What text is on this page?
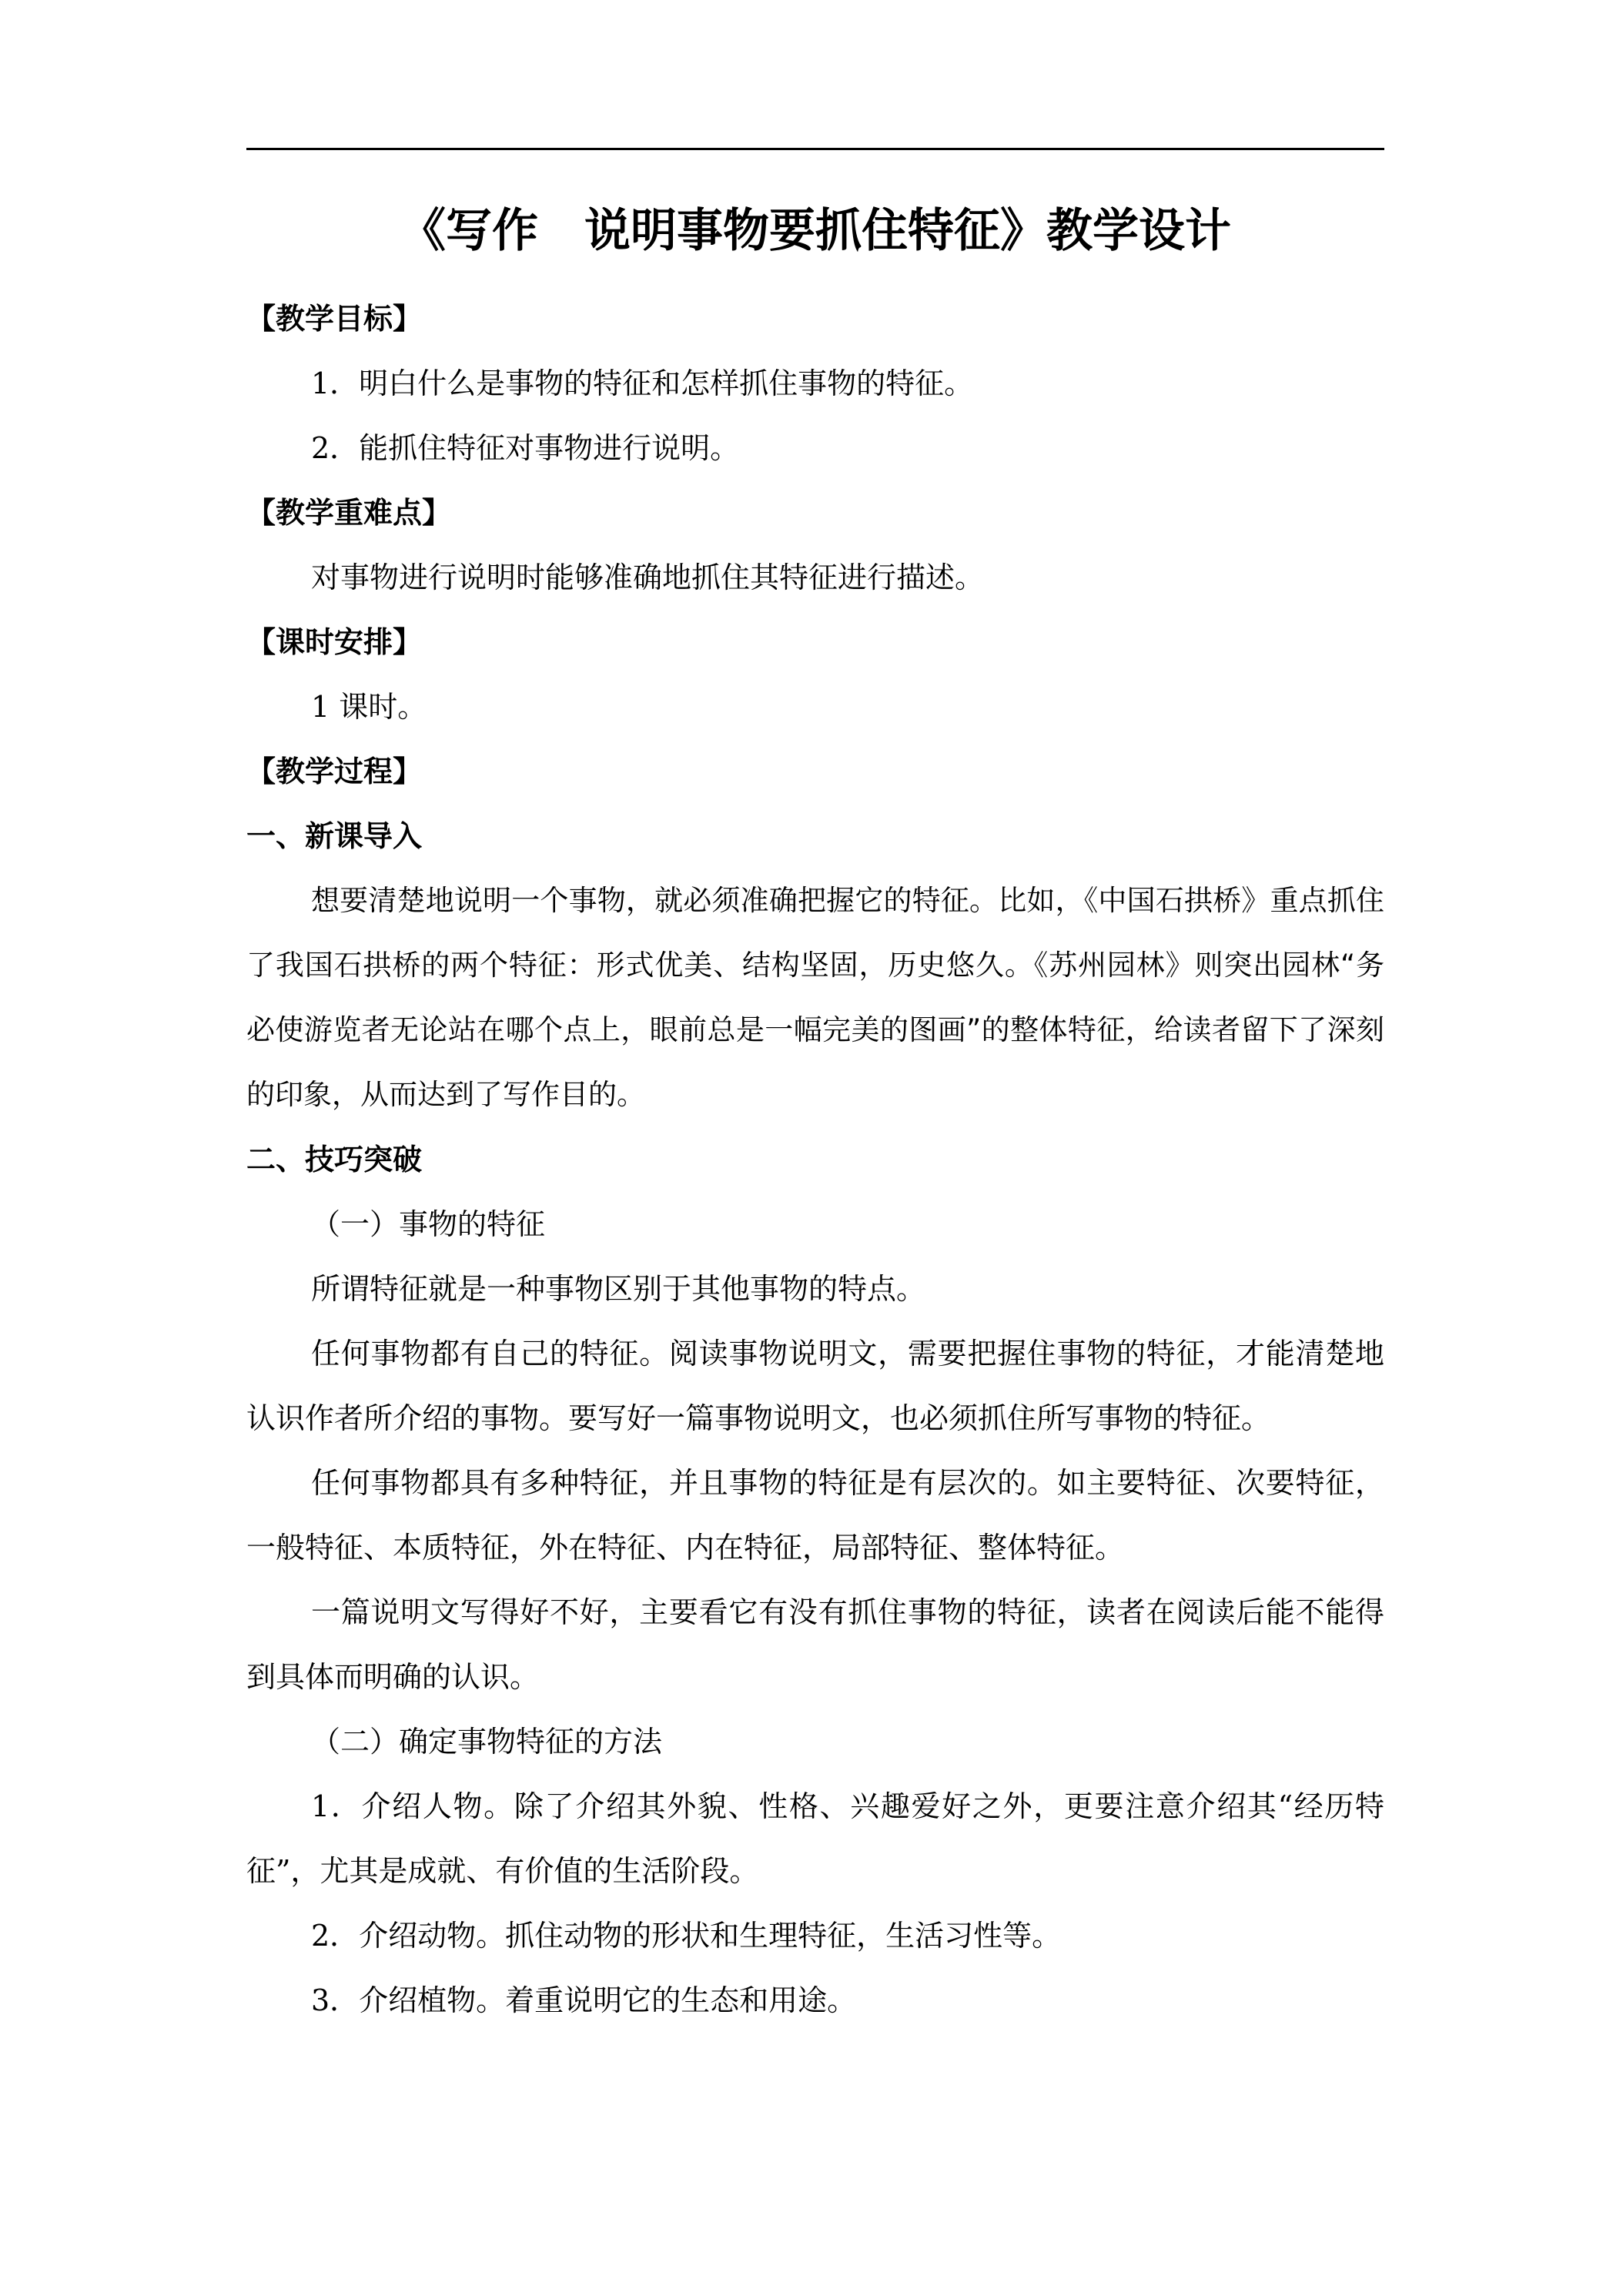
《写作　说明事物要抓住特征》教学设计
【教学目标】
1．明白什么是事物的特征和怎样抓住事物的特征。
2．能抓住特征对事物进行说明。
【教学重难点】
对事物进行说明时能够准确地抓住其特征进行描述。
【课时安排】
1 课时。
【教学过程】
一、新课导入
想要清楚地说明一个事物，就必须准确把握它的特征。比如，《中国石拱桥》重点抓住了我国石拱桥的两个特征：形式优美、结构坚固，历史悠久。《苏州园林》则突出园林“务必使游览者无论站在哪个点上，眼前总是一幅完美的图画”的整体特征，给读者留下了深刻的印象，从而达到了写作目的。
二、技巧突破
（一）事物的特征
所谓特征就是一种事物区别于其他事物的特点。
任何事物都有自己的特征。阅读事物说明文，需要把握住事物的特征，才能清楚地认识作者所介绍的事物。要写好一篇事物说明文，也必须抓住所写事物的特征。
任何事物都具有多种特征，并且事物的特征是有层次的。如主要特征、次要特征，一般特征、本质特征，外在特征、内在特征，局部特征、整体特征。
一篇说明文写得好不好，主要看它有没有抓住事物的特征，读者在阅读后能不能得到具体而明确的认识。
（二）确定事物特征的方法
1．介绍人物。除了介绍其外貌、性格、兴趣爱好之外，更要注意介绍其“经历特征”，尤其是成就、有价值的生活阶段。
2．介绍动物。抓住动物的形状和生理特征，生活习性等。
3．介绍植物。着重说明它的生态和用途。
